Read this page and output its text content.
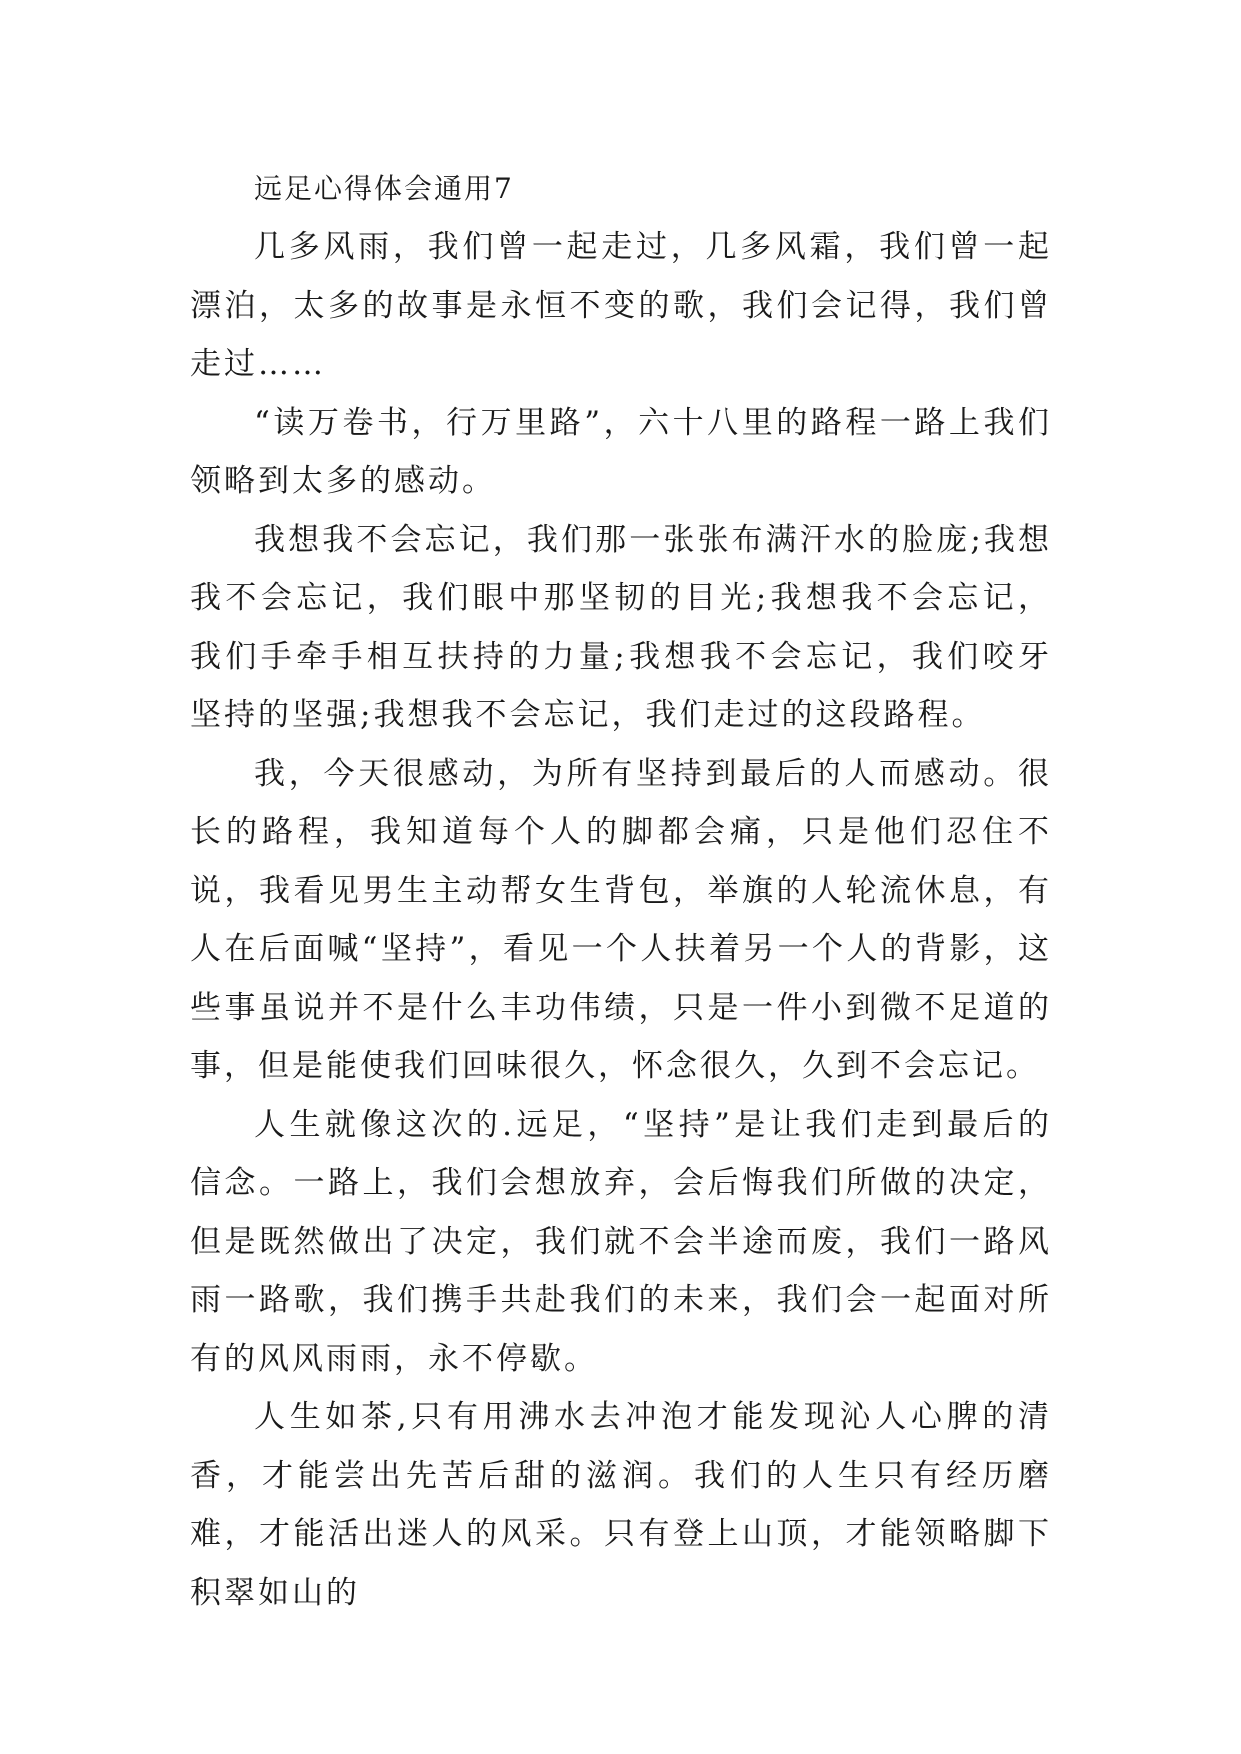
远足心得体会通用7

几多风雨，我们曾一起走过，几多风霜，我们曾一起漂泊，太多的故事是永恒不变的歌，我们会记得，我们曾走过……

“读万卷书，行万里路”，六十八里的路程一路上我们领略到太多的感动。

我想我不会忘记，我们那一张张布满汗水的脸庞;我想我不会忘记，我们眼中那坚韧的目光;我想我不会忘记，我们手牵手相互扶持的力量;我想我不会忘记，我们咬牙坚持的坚强;我想我不会忘记，我们走过的这段路程。

我，今天很感动，为所有坚持到最后的人而感动。很长的路程，我知道每个人的脚都会痛，只是他们忍住不说，我看见男生主动帮女生背包，举旗的人轮流休息，有人在后面喊“坚持”，看见一个人扶着另一个人的背影，这些事虽说并不是什么丰功伟绩，只是一件小到微不足道的事，但是能使我们回味很久，怀念很久，久到不会忘记。

人生就像这次的.远足，“坚持”是让我们走到最后的信念。一路上，我们会想放弃，会后悔我们所做的决定，但是既然做出了决定，我们就不会半途而废，我们一路风雨一路歌，我们携手共赴我们的未来，我们会一起面对所有的风风雨雨，永不停歇。

人生如茶,只有用沸水去冲泡才能发现沁人心脾的清香，才能尝出先苦后甜的滋润。我们的人生只有经历磨难，才能活出迷人的风采。只有登上山顶，才能领略脚下积翠如山的
